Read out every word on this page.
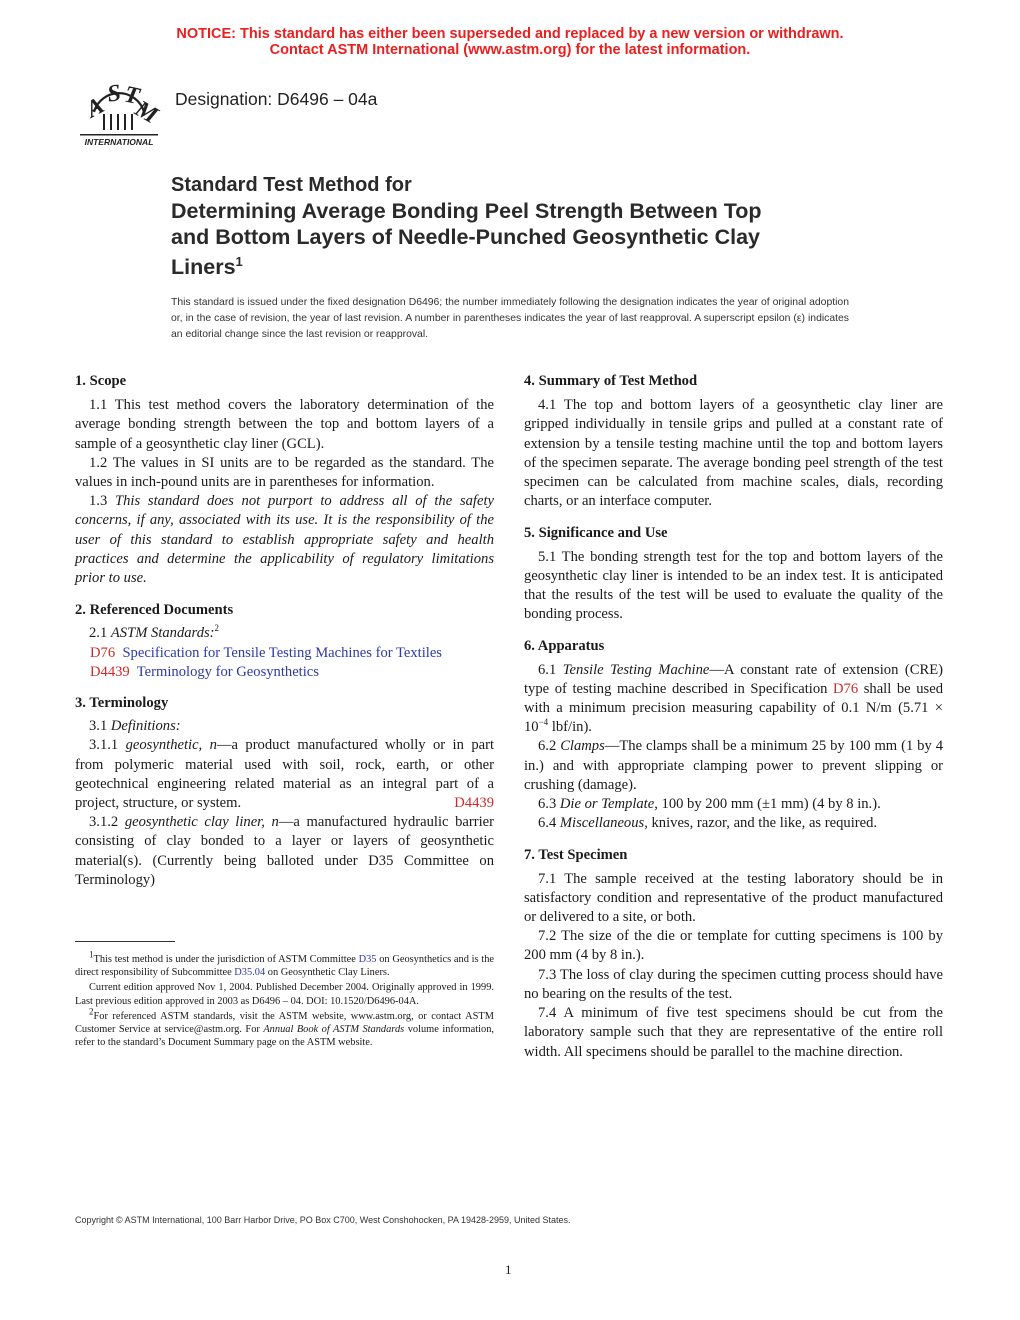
NOTICE: This standard has either been superseded and replaced by a new version or withdrawn.
Contact ASTM International (www.astm.org) for the latest information.
A
S T
M
INTERNATIONAL
Designation: D6496 – 04a
Standard Test Method for
Determining Average Bonding Peel Strength Between Top
and Bottom Layers of Needle-Punched Geosynthetic Clay
Liners$^1$
This standard is issued under the fixed designation D6496; the number immediately following the designation indicates the year of original adoption or, in the case of revision, the year of last revision. A number in parentheses indicates the year of last reapproval. A superscript epsilon (ε) indicates an editorial change since the last revision or reapproval.
1. Scope

1.1 This test method covers the laboratory determination of the average bonding strength between the top and bottom layers of a sample of a geosynthetic clay liner (GCL).

1.2 The values in SI units are to be regarded as the standard. The values in inch-pound units are in parentheses for information.

1.3 This standard does not purport to address all of the safety concerns, if any, associated with its use. It is the responsibility of the user of this standard to establish appropriate safety and health practices and determine the applicability of regulatory limitations prior to use.

2. Referenced Documents

2.1 ASTM Standards:$^2$

D76 Specification for Tensile Testing Machines for Textiles
D4439 Terminology for Geosynthetics
3. Terminology

3.1 Definitions:

3.1.1 geosynthetic, n—a product manufactured wholly or in part from polymeric material used with soil, rock, earth, or other geotechnical engineering related material as an integral part of a project, structure, or system.	D4439

3.1.2 geosynthetic clay liner, n—a manufactured hydraulic barrier consisting of clay bonded to a layer or layers of geosynthetic material(s). (Currently being balloted under D35 Committee on Terminology)

$^1$This test method is under the jurisdiction of ASTM Committee D35 on Geosynthetics and is the direct responsibility of Subcommittee D35.04 on Geosynthetic Clay Liners.

Current edition approved Nov 1, 2004. Published December 2004. Originally approved in 1999. Last previous edition approved in 2003 as D6496 – 04. DOI: 10.1520/D6496-04A.

$^2$For referenced ASTM standards, visit the ASTM website, www.astm.org, or contact ASTM Customer Service at service@astm.org. For Annual Book of ASTM Standards volume information, refer to the standard’s Document Summary page on the ASTM website.

4. Summary of Test Method

4.1 The top and bottom layers of a geosynthetic clay liner are gripped individually in tensile grips and pulled at a constant rate of extension by a tensile testing machine until the top and bottom layers of the specimen separate. The average bonding peel strength of the test specimen can be calculated from machine scales, dials, recording charts, or an interface computer.

5. Significance and Use

5.1 The bonding strength test for the top and bottom layers of the geosynthetic clay liner is intended to be an index test. It is anticipated that the results of the test will be used to evaluate the quality of the bonding process.

6. Apparatus

6.1 Tensile Testing Machine—A constant rate of extension (CRE) type of testing machine described in Specification D76 shall be used with a minimum precision measuring capability of 0.1 N/m ($5.71 \times 10^{-4}$ lbf/in).

6.2 Clamps—The clamps shall be a minimum 25 by 100 mm (1 by 4 in.) and with appropriate clamping power to prevent slipping or crushing (damage).

6.3 Die or Template, 100 by 200 mm (±1 mm) (4 by 8 in.).

6.4 Miscellaneous, knives, razor, and the like, as required.

7. Test Specimen

7.1 The sample received at the testing laboratory should be in satisfactory condition and representative of the product manufactured or delivered to a site, or both.

7.2 The size of the die or template for cutting specimens is 100 by 200 mm (4 by 8 in.).

7.3 The loss of clay during the specimen cutting process should have no bearing on the results of the test.

7.4 A minimum of five test specimens should be cut from the laboratory sample such that they are representative of the entire roll width. All specimens should be parallel to the machine direction.

Copyright © ASTM International, 100 Barr Harbor Drive, PO Box C700, West Conshohocken, PA 19428-2959, United States.
1
